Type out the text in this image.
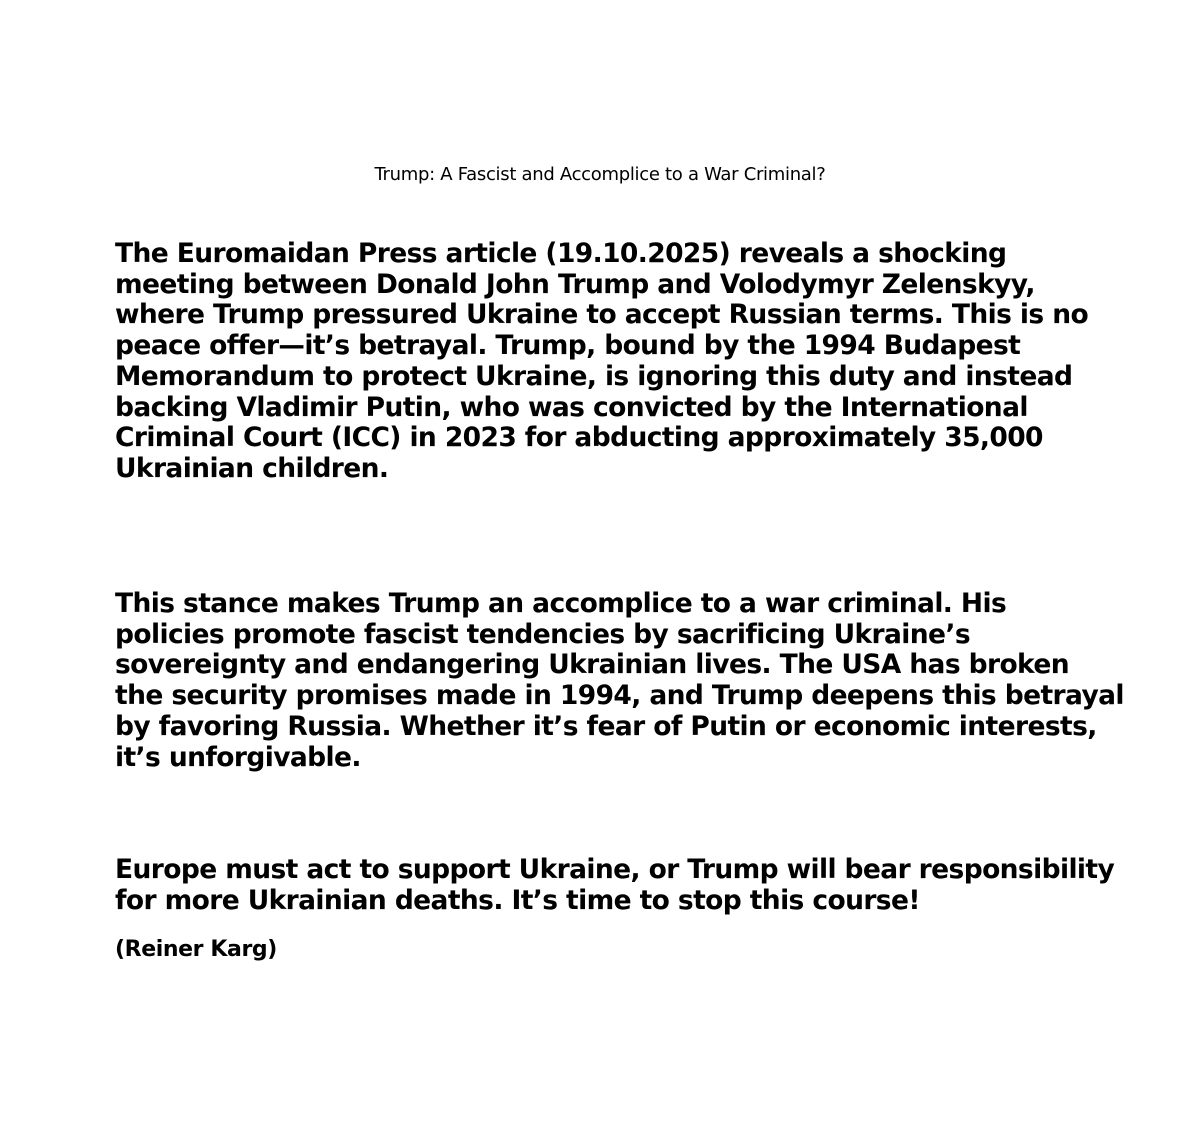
Trump: A Fascist and Accomplice to a War Criminal?

The Euromaidan Press article (19.10.2025) reveals a shocking
meeting between Donald John Trump and Volodymyr Zelenskyy,
where Trump pressured Ukraine to accept Russian terms. This is no
peace offer—it’s betrayal. Trump, bound by the 1994 Budapest
Memorandum to protect Ukraine, is ignoring this duty and instead
backing Vladimir Putin, who was convicted by the International
Criminal Court (ICC) in 2023 for abducting approximately 35,000
Ukrainian children.

This stance makes Trump an accomplice to a war criminal. His
policies promote fascist tendencies by sacrificing Ukraine’s
sovereignty and endangering Ukrainian lives. The USA has broken
the security promises made in 1994, and Trump deepens this betrayal
by favoring Russia. Whether it’s fear of Putin or economic interests,
it’s unforgivable.

Europe must act to support Ukraine, or Trump will bear responsibility
for more Ukrainian deaths. It’s time to stop this course!

(Reiner Karg)
